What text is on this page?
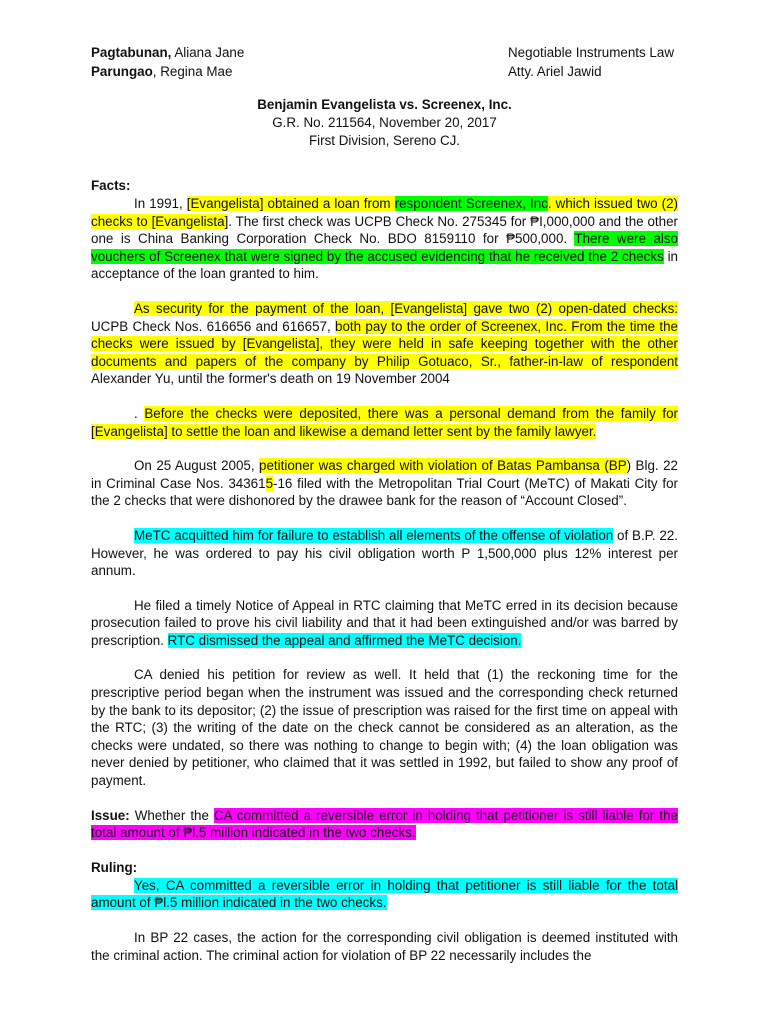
Pagtabunan, Aliana Jane	Negotiable Instruments Law
Parungao, Regina Mae	Atty. Ariel Jawid
Benjamin Evangelista vs. Screenex, Inc.
G.R. No. 211564, November 20, 2017
First Division, Sereno CJ.
Facts:

In 1991, [Evangelista] obtained a loan from respondent Screenex, Inc. which issued two (2) checks to [Evangelista]. The first check was UCPB Check No. 275345 for ₱I,000,000 and the other one is China Banking Corporation Check No. BDO 8159110 for ₱500,000. There were also vouchers of Screenex that were signed by the accused evidencing that he received the 2 checks in acceptance of the loan granted to him.

As security for the payment of the loan, [Evangelista] gave two (2) open-dated checks: UCPB Check Nos. 616656 and 616657, both pay to the order of Screenex, Inc. From the time the checks were issued by [Evangelista], they were held in safe keeping together with the other documents and papers of the company by Philip Gotuaco, Sr., father-in-law of respondent Alexander Yu, until the former's death on 19 November 2004

. Before the checks were deposited, there was a personal demand from the family for [Evangelista] to settle the loan and likewise a demand letter sent by the family lawyer.

On 25 August 2005, petitioner was charged with violation of Batas Pambansa (BP) Blg. 22 in Criminal Case Nos. 343615-16 filed with the Metropolitan Trial Court (MeTC) of Makati City for the 2 checks that were dishonored by the drawee bank for the reason of “Account Closed”.

MeTC acquitted him for failure to establish all elements of the offense of violation of B.P. 22. However, he was ordered to pay his civil obligation worth P 1,500,000 plus 12% interest per annum.

He filed a timely Notice of Appeal in RTC claiming that MeTC erred in its decision because prosecution failed to prove his civil liability and that it had been extinguished and/or was barred by prescription. RTC dismissed the appeal and affirmed the MeTC decision.

CA denied his petition for review as well. It held that (1) the reckoning time for the prescriptive period began when the instrument was issued and the corresponding check returned by the bank to its depositor; (2) the issue of prescription was raised for the first time on appeal with the RTC; (3) the writing of the date on the check cannot be considered as an alteration, as the checks were undated, so there was nothing to change to begin with; (4) the loan obligation was never denied by petitioner, who claimed that it was settled in 1992, but failed to show any proof of payment.

Issue: Whether the CA committed a reversible error in holding that petitioner is still liable for the total amount of ₱l.5 million indicated in the two checks.

Ruling:

Yes, CA committed a reversible error in holding that petitioner is still liable for the total amount of ₱l.5 million indicated in the two checks.

In BP 22 cases, the action for the corresponding civil obligation is deemed instituted with the criminal action. The criminal action for violation of BP 22 necessarily includes the
